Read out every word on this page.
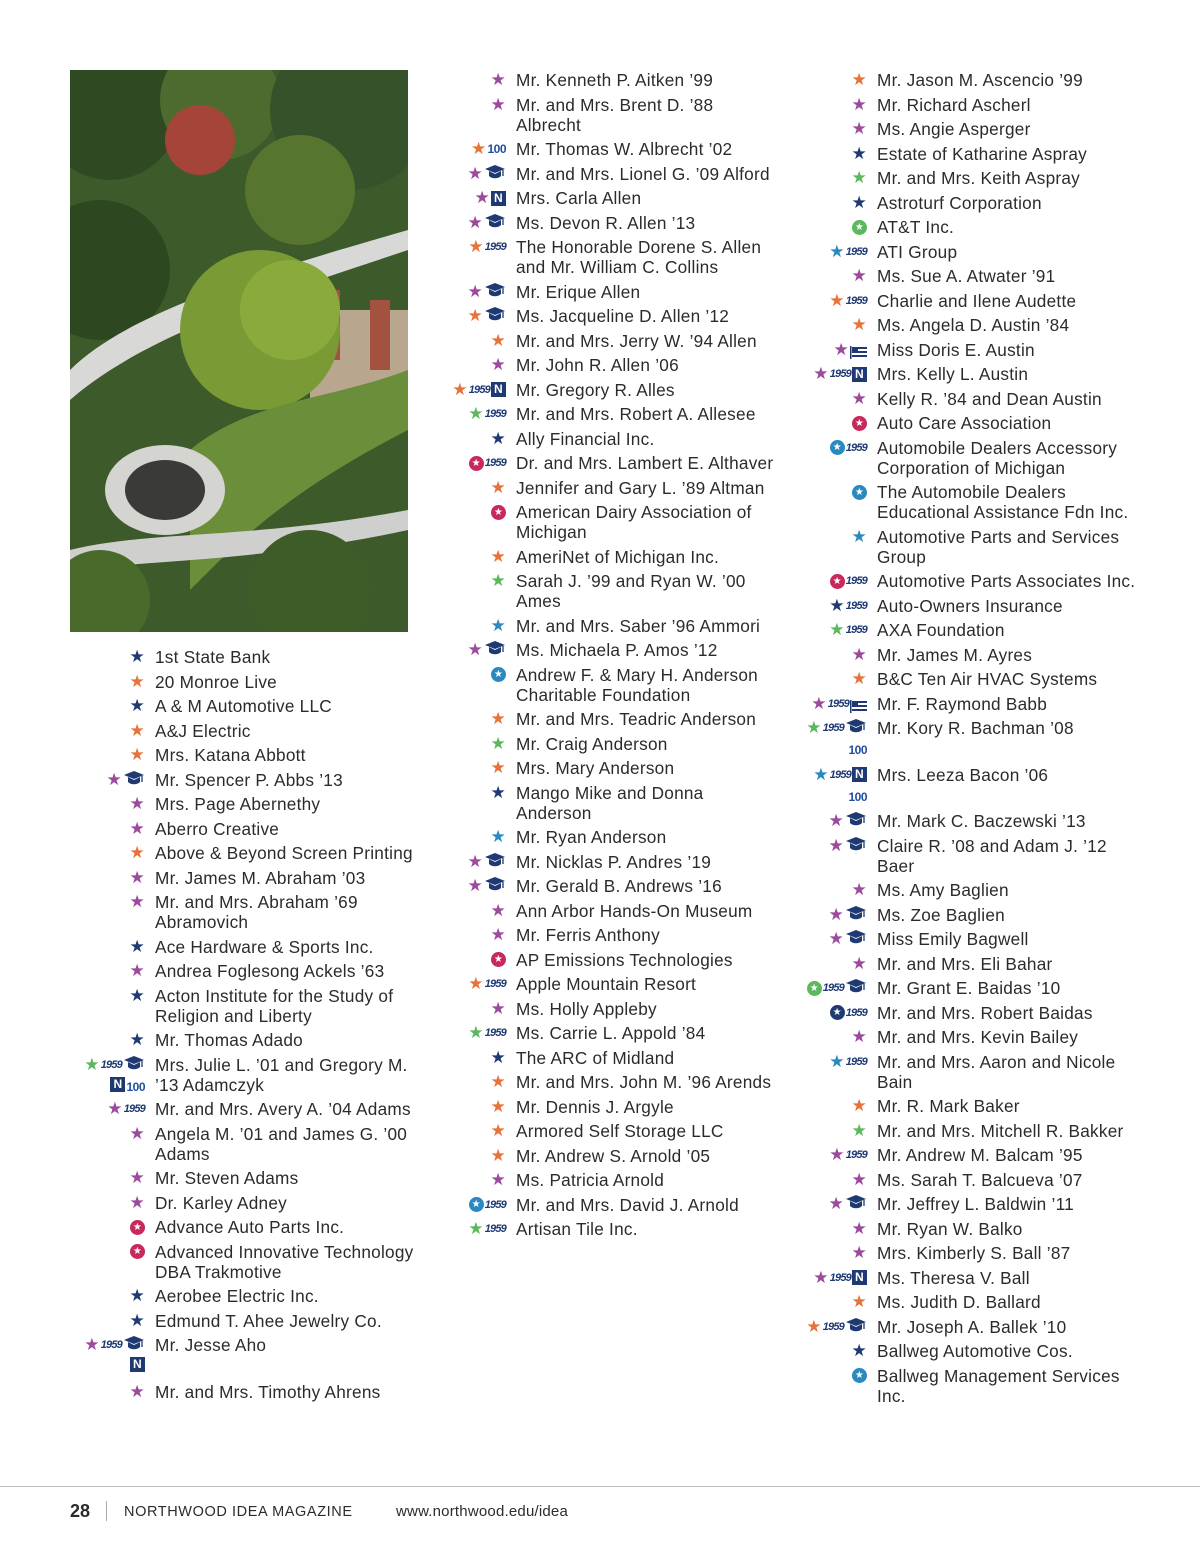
★ 1st State Bank
★ 20 Monroe Live
★ A & M Automotive LLC
★ A&J Electric
★ Mrs. Katana Abbott
★ Mr. Spencer P. Abbs ’13
★ Mrs. Page Abernethy
★ Aberro Creative
★ Above & Beyond Screen Printing
★ Mr. James M. Abraham ’03
★ Mr. and Mrs. Abraham ’69 Abramovich
★ Ace Hardware & Sports Inc.
★ Andrea Foglesong Ackels ’63
★ Acton Institute for the Study of Religion and Liberty
★ Mr. Thomas Adado
★ 1959
N 100
Mrs. Julie L. ’01 and Gregory M. ’13 Adamczyk
★ 1959 Mr. and Mrs. Avery A. ’04 Adams
★ Angela M. ’01 and James G. ’00 Adams
★ Mr. Steven Adams
★ Dr. Karley Adney
★ Advance Auto Parts Inc.
★ Advanced Innovative Technology DBA Trakmotive
★ Aerobee Electric Inc.
★ Edmund T. Ahee Jewelry Co.
★ 1959
N
Mr. Jesse Aho
★ Mr. and Mrs. Timothy Ahrens
★ Mr. Kenneth P. Aitken ’99
★ Mr. and Mrs. Brent D. ’88 Albrecht
★ 100 Mr. Thomas W. Albrecht ’02
★ Mr. and Mrs. Lionel G. ’09 Alford
★ N Mrs. Carla Allen
★ Ms. Devon R. Allen ’13
★ 1959 The Honorable Dorene S. Allen and Mr. William C. Collins
★ Mr. Erique Allen
★ Ms. Jacqueline D. Allen ’12
★ Mr. and Mrs. Jerry W. ’94 Allen
★ Mr. John R. Allen ’06
★ 1959 N Mr. Gregory R. Alles
★ 1959 Mr. and Mrs. Robert A. Allesee
★ Ally Financial Inc.
★ 1959 Dr. and Mrs. Lambert E. Althaver
★ Jennifer and Gary L. ’89 Altman
★ American Dairy Association of Michigan
★ AmeriNet of Michigan Inc.
★ Sarah J. ’99 and Ryan W. ’00 Ames
★ Mr. and Mrs. Saber ’96 Ammori
★ Ms. Michaela P. Amos ’12
★ Andrew F. & Mary H. Anderson Charitable Foundation
★ Mr. and Mrs. Teadric Anderson
★ Mr. Craig Anderson
★ Mrs. Mary Anderson
★ Mango Mike and Donna Anderson
★ Mr. Ryan Anderson
★ Mr. Nicklas P. Andres ’19
★ Mr. Gerald B. Andrews ’16
★ Ann Arbor Hands-On Museum
★ Mr. Ferris Anthony
★ AP Emissions Technologies
★ 1959 Apple Mountain Resort
★ Ms. Holly Appleby
★ 1959 Ms. Carrie L. Appold ’84
★ The ARC of Midland
★ Mr. and Mrs. John M. ’96 Arends
★ Mr. Dennis J. Argyle
★ Armored Self Storage LLC
★ Mr. Andrew S. Arnold ’05
★ Ms. Patricia Arnold
★ 1959 Mr. and Mrs. David J. Arnold
★ 1959 Artisan Tile Inc.
★ Mr. Jason M. Ascencio ’99
★ Mr. Richard Ascherl
★ Ms. Angie Asperger
★ Estate of Katharine Aspray
★ Mr. and Mrs. Keith Aspray
★ Astroturf Corporation
★ AT&T Inc.
★ 1959 ATI Group
★ Ms. Sue A. Atwater ’91
★ 1959 Charlie and Ilene Audette
★ Ms. Angela D. Austin ’84
★ Miss Doris E. Austin
★ 1959 N Mrs. Kelly L. Austin
★ Kelly R. ’84 and Dean Austin
★ Auto Care Association
★ 1959 Automobile Dealers Accessory Corporation of Michigan
★ The Automobile Dealers Educational Assistance Fdn Inc.
★ Automotive Parts and Services Group
★ 1959 Automotive Parts Associates Inc.
★ 1959 Auto-Owners Insurance
★ 1959 AXA Foundation
★ Mr. James M. Ayres
★ B&C Ten Air HVAC Systems
★ 1959 Mr. F. Raymond Babb
★ 1959
100
Mr. Kory R. Bachman ’08
★ 1959 N
100
Mrs. Leeza Bacon ’06
★ Mr. Mark C. Baczewski ’13
★ Claire R. ’08 and Adam J. ’12 Baer
★ Ms. Amy Baglien
★ Ms. Zoe Baglien
★ Miss Emily Bagwell
★ Mr. and Mrs. Eli Bahar
★ 1959 Mr. Grant E. Baidas ’10
★ 1959 Mr. and Mrs. Robert Baidas
★ Mr. and Mrs. Kevin Bailey
★ 1959 Mr. and Mrs. Aaron and Nicole Bain
★ Mr. R. Mark Baker
★ Mr. and Mrs. Mitchell R. Bakker
★ 1959 Mr. Andrew M. Balcam ’95
★ Ms. Sarah T. Balcueva ’07
★ Mr. Jeffrey L. Baldwin ’11
★ Mr. Ryan W. Balko
★ Mrs. Kimberly S. Ball ’87
★ 1959 N Ms. Theresa V. Ball
★ Ms. Judith D. Ballard
★ 1959 Mr. Joseph A. Ballek ’10
★ Ballweg Automotive Cos.
★ Ballweg Management Services Inc.
28 NORTHWOOD IDEA MAGAZINE	www.northwood.edu/idea
